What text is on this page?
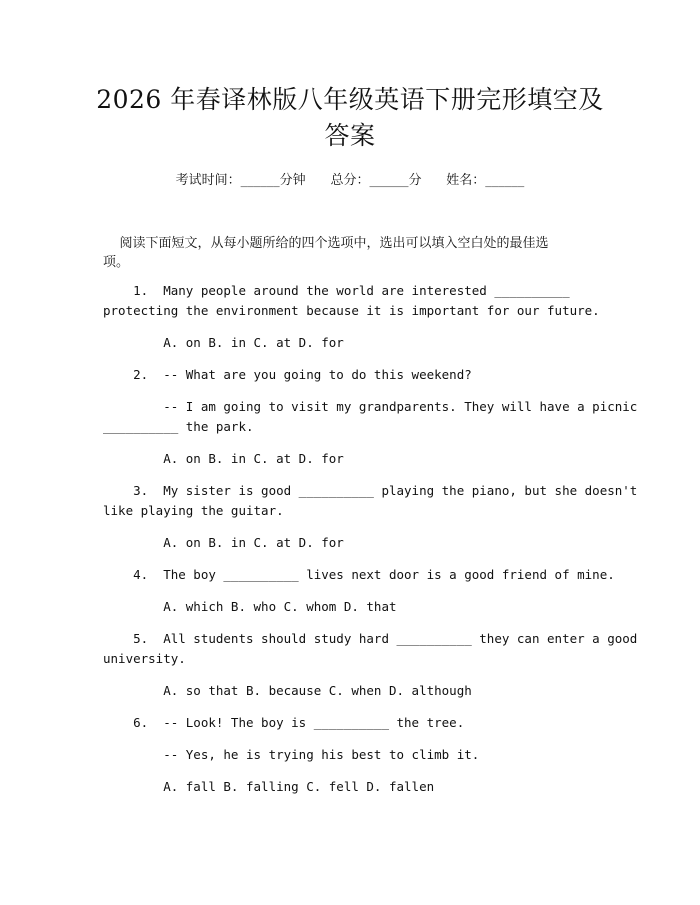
2026 年春译林版八年级英语下册完形填空及
答案
考试时间：______分钟 总分：______分 姓名：______
阅读下面短文，从每小题所给的四个选项中，选出可以填入空白处的最佳选
项。
1.  Many people around the world are interested __________
protecting the environment because it is important for our future.
A. on B. in C. at D. for
2.  -- What are you going to do this weekend?
-- I am going to visit my grandparents. They will have a picnic
__________ the park.
A. on B. in C. at D. for
3.  My sister is good __________ playing the piano, but she doesn't
like playing the guitar.
A. on B. in C. at D. for
4.  The boy __________ lives next door is a good friend of mine.
A. which B. who C. whom D. that
5.  All students should study hard __________ they can enter a good
university.
A. so that B. because C. when D. although
6.  -- Look! The boy is __________ the tree.
-- Yes, he is trying his best to climb it.
A. fall B. falling C. fell D. fallen
